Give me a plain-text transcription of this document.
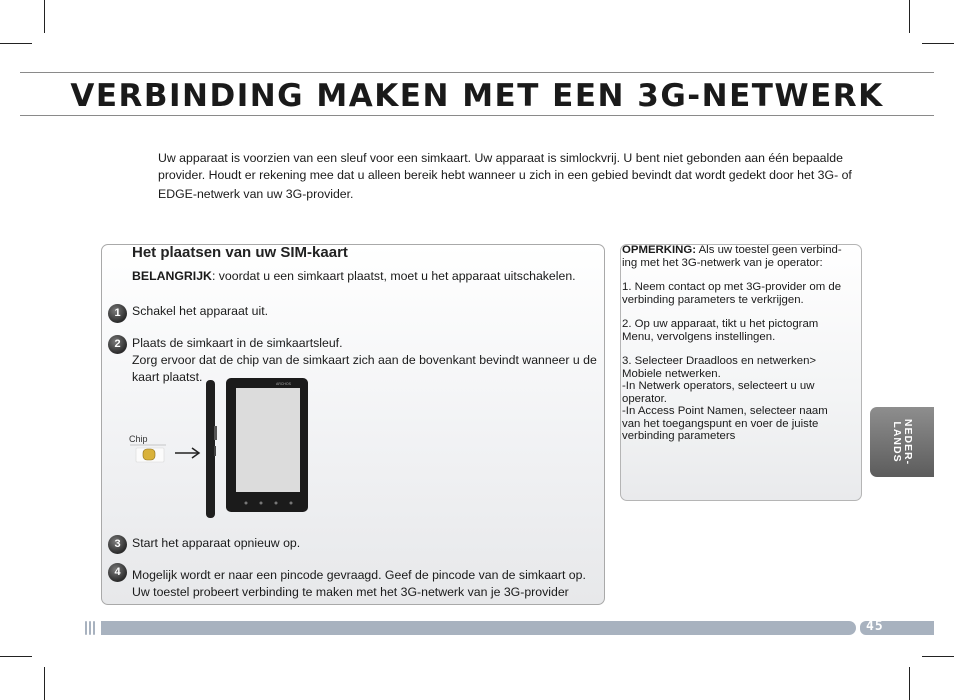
VERBINDING MAKEN MET EEN 3G-NETWERK
Uw apparaat is voorzien van een sleuf voor een simkaart. Uw apparaat is simlockvrij. U bent niet gebonden aan één bepaalde
provider. Houdt er rekening mee dat u alleen bereik hebt wanneer u zich in een gebied bevindt dat wordt gedekt door het 3G- of
EDGE-netwerk van uw 3G-provider.
Het plaatsen van uw SIM-kaart
BELANGRIJK: voordat u een simkaart plaatst, moet u het apparaat uitschakelen.
1 Schakel het apparaat uit.
2 Plaats de simkaart in de simkaartsleuf.
Zorg ervoor dat de chip van de simkaart zich aan de bovenkant bevindt wanneer u de
kaart plaatst.
Chip
ARCHOS
3 Start het apparaat opnieuw op.
4 Mogelijk wordt er naar een pincode gevraagd. Geef de pincode van de simkaart op.
Uw toestel probeert verbinding te maken met het 3G-netwerk van je 3G-provider

OPMERKING: Als uw toestel geen verbind-

ing met het 3G-netwerk van je operator:

1. Neem contact op met 3G-provider om de

verbinding parameters te verkrijgen.

2. Op uw apparaat, tikt u het pictogram

Menu, vervolgens instellingen.

3. Selecteer Draadloos en netwerken>

Mobiele netwerken.

-In Netwerk operators, selecteert u uw

operator.

-In Access Point Namen, selecteer naam

van het toegangspunt en voer de juiste

verbinding parameters	NEDER-
LANDS
45
